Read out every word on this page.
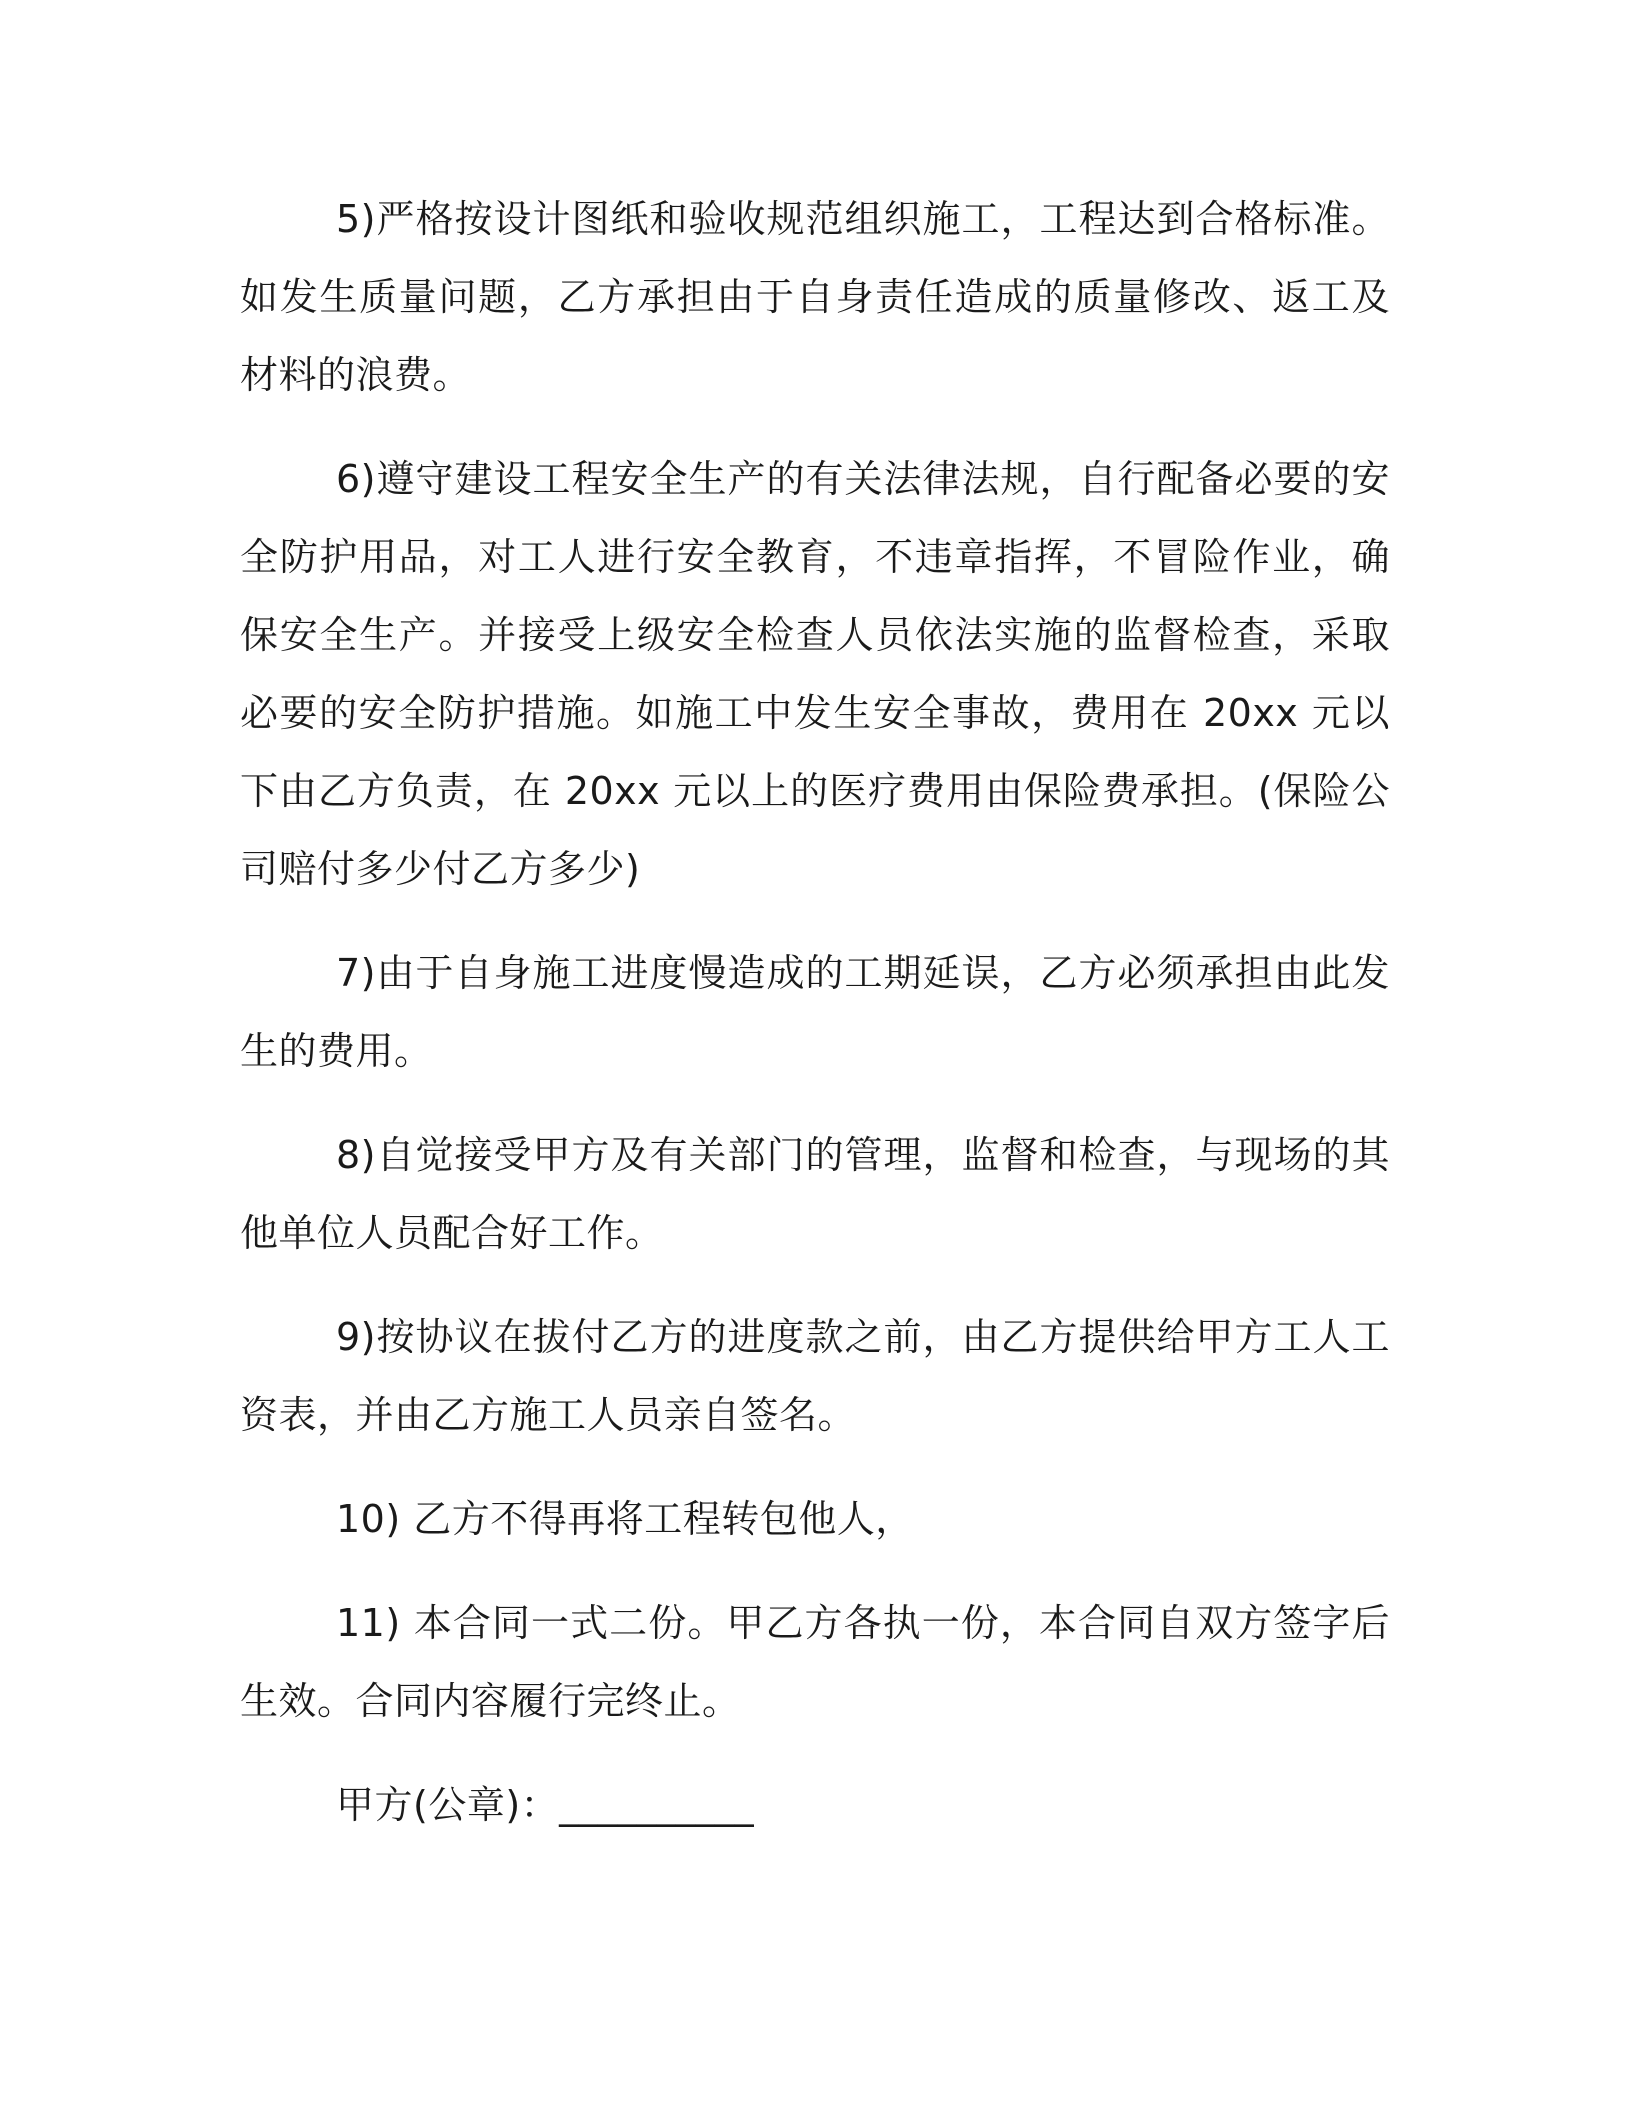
5)严格按设计图纸和验收规范组织施工，工程达到合格标准。如发生质量问题，乙方承担由于自身责任造成的质量修改、返工及材料的浪费。

6)遵守建设工程安全生产的有关法律法规，自行配备必要的安全防护用品，对工人进行安全教育，不违章指挥，不冒险作业，确保安全生产。并接受上级安全检查人员依法实施的监督检查，采取必要的安全防护措施。如施工中发生安全事故，费用在 20xx 元以下由乙方负责，在 20xx 元以上的医疗费用由保险费承担。(保险公司赔付多少付乙方多少)

7)由于自身施工进度慢造成的工期延误，乙方必须承担由此发生的费用。

8)自觉接受甲方及有关部门的管理，监督和检查，与现场的其他单位人员配合好工作。

9)按协议在拔付乙方的进度款之前，由乙方提供给甲方工人工资表，并由乙方施工人员亲自签名。

10) 乙方不得再将工程转包他人，

11) 本合同一式二份。甲乙方各执一份，本合同自双方签字后生效。合同内容履行完终止。

甲方(公章)：__________
